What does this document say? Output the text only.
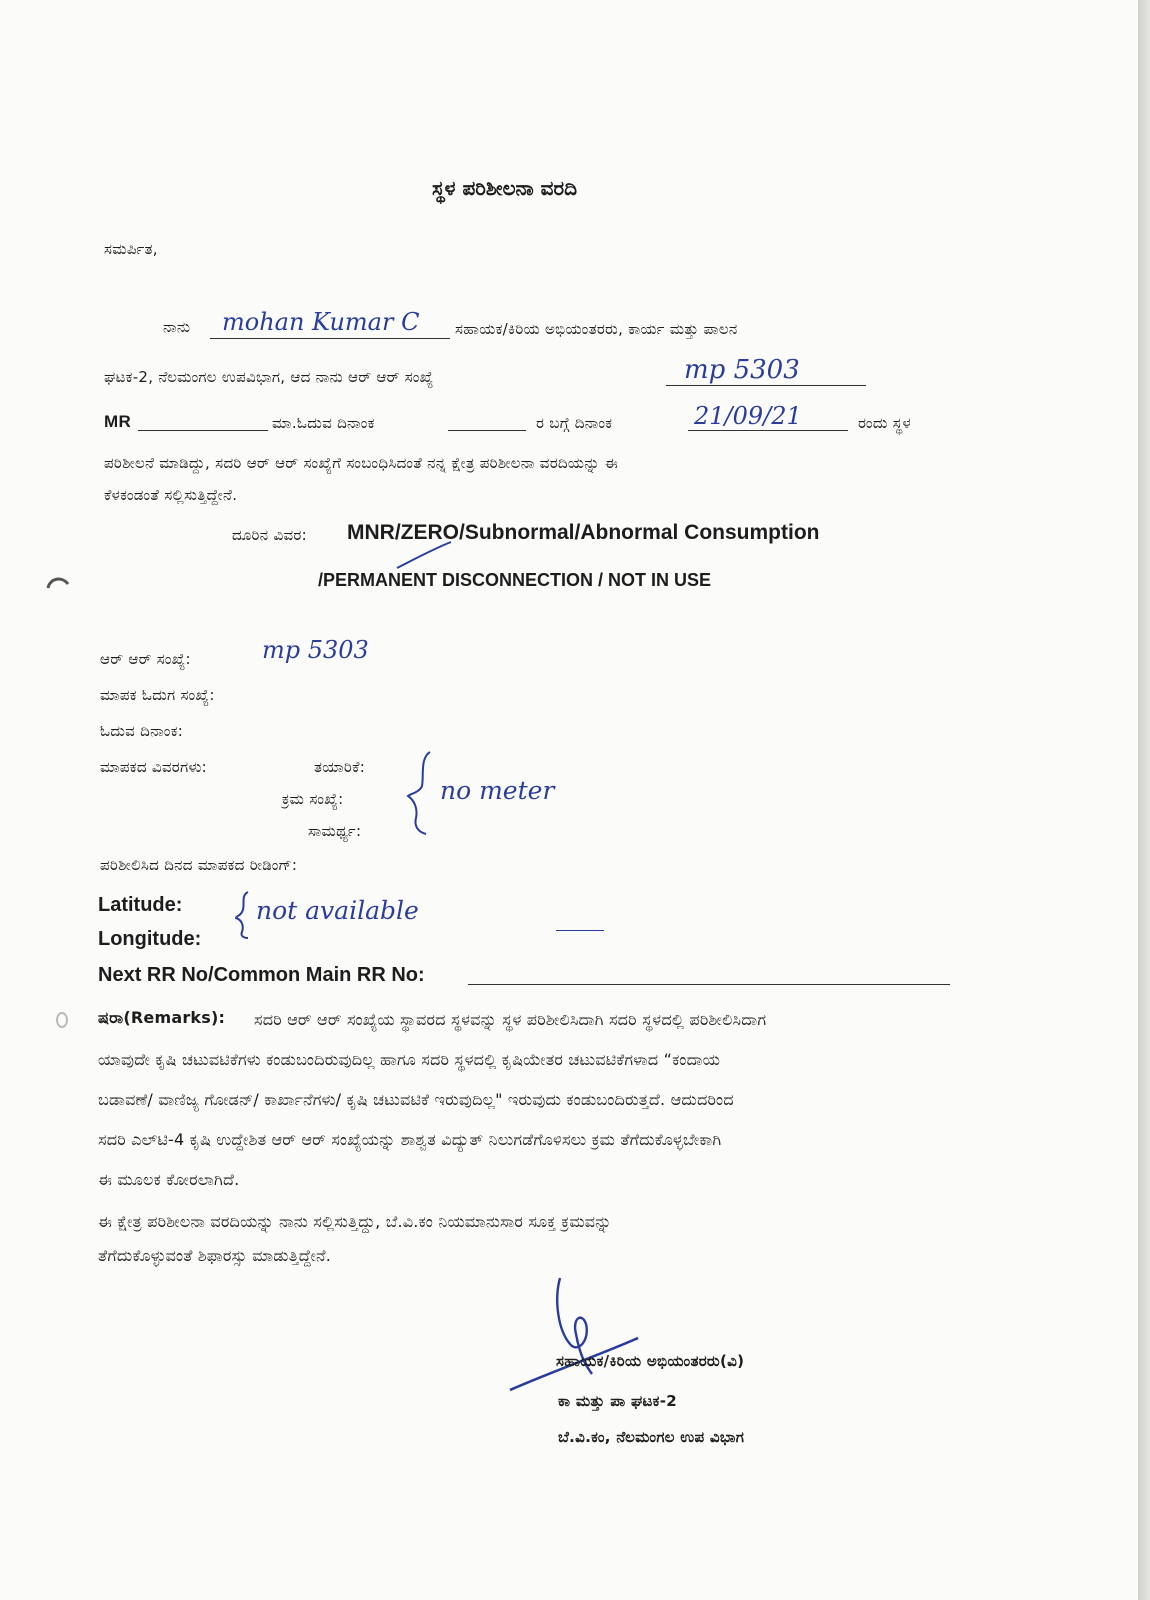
ಸ್ಥಳ ಪರಿಶೀಲನಾ ವರದಿ
ಸಮರ್ಪಿತ,
ನಾನು mohan Kumar C ಸಹಾಯಕ/ಕಿರಿಯ ಅಭಿಯಂತರರು, ಕಾರ್ಯ ಮತ್ತು ಪಾಲನ
ಘಟಕ-2, ನೆಲಮಂಗಲ ಉಪವಿಭಾಗ, ಆದ ನಾನು ಆರ್ ಆರ್ ಸಂಖ್ಯೆ	mp 5303
MR	ಮಾ.ಓದುವ ದಿನಾಂಕ	ರ ಬಗ್ಗೆ ದಿನಾಂಕ	21/09/21	ರಂದು ಸ್ಥಳ
ಪರಿಶೀಲನೆ ಮಾಡಿದ್ದು, ಸದರಿ ಆರ್ ಆರ್ ಸಂಖ್ಯೆಗೆ ಸಂಬಂಧಿಸಿದಂತೆ ನನ್ನ ಕ್ಷೇತ್ರ ಪರಿಶೀಲನಾ ವರದಿಯನ್ನು ಈ
ಕೆಳಕಂಡಂತೆ ಸಲ್ಲಿಸುತ್ತಿದ್ದೇನೆ.
ದೂರಿನ ವಿವರ: MNR/ZERO/Subnormal/Abnormal Consumption
/PERMANENT DISCONNECTION / NOT IN USE
ಆರ್ ಆರ್ ಸಂಖ್ಯೆ:	mp 5303
ಮಾಪಕ ಓದುಗ ಸಂಖ್ಯೆ:
ಓದುವ ದಿನಾಂಕ:
ಮಾಪಕದ ವಿವರಗಳು:	ತಯಾರಿಕೆ:
ಕ್ರಮ ಸಂಖ್ಯೆ:
ಸಾಮರ್ಥ್ಯ:
no meter
ಪರಿಶೀಲಿಸಿದ ದಿನದ ಮಾಪಕದ ರೀಡಿಂಗ್:
Latitude:
Longitude:
not available
Next RR No/Common Main RR No:
ಷರಾ(Remarks): ಸದರಿ ಆರ್ ಆರ್ ಸಂಖ್ಯೆಯ ಸ್ಥಾವರದ ಸ್ಥಳವನ್ನು ಸ್ಥಳ ಪರಿಶೀಲಿಸಿದಾಗಿ ಸದರಿ ಸ್ಥಳದಲ್ಲಿ ಪರಿಶೀಲಿಸಿದಾಗ
ಯಾವುದೇ ಕೃಷಿ ಚಟುವಟಿಕೆಗಳು ಕಂಡುಬಂದಿರುವುದಿಲ್ಲ ಹಾಗೂ ಸದರಿ ಸ್ಥಳದಲ್ಲಿ ಕೃಷಿಯೇತರ ಚಟುವಟಿಕೆಗಳಾದ “ಕಂದಾಯ
ಬಡಾವಣೆ/ ವಾಣಿಜ್ಯ ಗೋಡನ್/ ಕಾರ್ಖಾನೆಗಳು/ ಕೃಷಿ ಚಟುವಟಿಕೆ ಇರುವುದಿಲ್ಲ" ಇರುವುದು ಕಂಡುಬಂದಿರುತ್ತದೆ. ಆದುದರಿಂದ
ಸದರಿ ಎಲ್‌ಟಿ-4 ಕೃಷಿ ಉದ್ದೇಶಿತ ಆರ್ ಆರ್ ಸಂಖ್ಯೆಯನ್ನು ಶಾಶ್ವತ ವಿದ್ಯುತ್ ನಿಲುಗಡೆಗೊಳಿಸಲು ಕ್ರಮ ತೆಗೆದುಕೊಳ್ಳಬೇಕಾಗಿ
ಈ ಮೂಲಕ ಕೋರಲಾಗಿದೆ.
ಈ ಕ್ಷೇತ್ರ ಪರಿಶೀಲನಾ ವರದಿಯನ್ನು ನಾನು ಸಲ್ಲಿಸುತ್ತಿದ್ದು, ಬೆ.ವಿ.ಕಂ ನಿಯಮಾನುಸಾರ ಸೂಕ್ತ ಕ್ರಮವನ್ನು
ತೆಗೆದುಕೊಳ್ಳುವಂತೆ ಶಿಫಾರಸ್ಸು ಮಾಡುತ್ತಿದ್ದೇನೆ.
ಸಹಾಯಕ/ಕಿರಿಯ ಅಭಿಯಂತರರು(ವಿ)
ಕಾ ಮತ್ತು ಪಾ ಘಟಕ-2
ಬೆ.ವಿ.ಕಂ, ನೆಲಮಂಗಲ ಉಪ ವಿಭಾಗ
